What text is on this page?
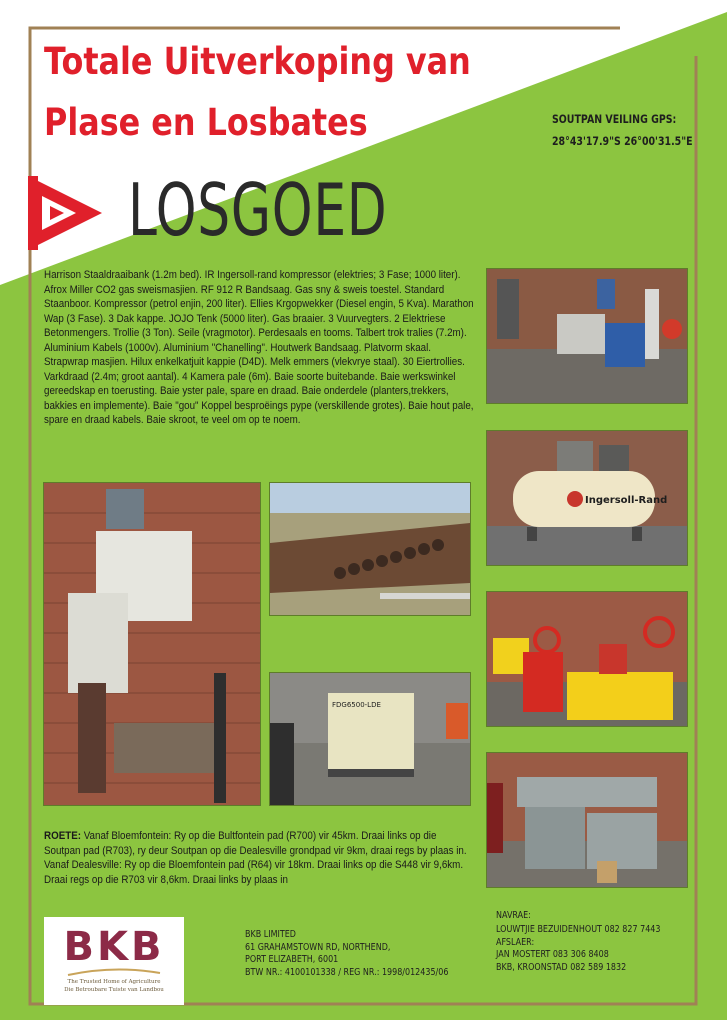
Totale Uitverkoping van
Plase en Losbates	SOUTPAN VEILING GPS:
28°43'17.9"S 26°00'31.5"E
LOSGOED
Harrison Staaldraaibank (1.2m bed). IR Ingersoll-rand kompressor (elektries; 3 Fase; 1000 liter). Afrox Miller CO2 gas sweismasjien. RF 912 R Bandsaag. Gas sny & sweis toestel. Standard Staanboor. Kompressor (petrol enjin, 200 liter). Ellies Krgopwekker (Diesel engin, 5 Kva). Marathon Wap (3 Fase). 3 Dak kappe. JOJO Tenk (5000 liter). Gas braaier. 3 Vuurvegters. 2 Elektriese Betonmengers. Trollie (3 Ton). Seile (vragmotor). Perdesaals en tooms. Talbert trok tralies (7.2m). Aluminium Kabels (1000v). Aluminium "Chanelling". Houtwerk Bandsaag. Platvorm skaal. Strapwrap masjien. Hilux enkelkatjuit kappie (D4D). Melk emmers (vlekvrye staal). 30 Eiertrollies. Varkdraad (2.4m; groot aantal). 4 Kamera pale (6m). Baie soorte buitebande. Baie werkswinkel gereedskap en toerusting. Baie yster pale, spare en draad. Baie onderdele (planters,trekkers, bakkies en implemente). Baie "gou" Koppel besproëings pype (verskillende grotes). Baie hout pale, spare en draad kabels. Baie skroot, te veel om op te noem.
Ingersoll-Rand
FDG6500-LDE
ROETE: Vanaf Bloemfontein: Ry op die Bultfontein pad (R700) vir 45km. Draai links op die Soutpan pad (R703), ry deur Soutpan op die Dealesville grondpad vir 9km, draai regs by plaas in. Vanaf Dealesville: Ry op die Bloemfontein pad (R64) vir 18km. Draai links op die S448 vir 9,6km. Draai regs op die R703 vir 8,6km. Draai links by plaas in
BKB
The Trusted Home of Agriculture
Die Betroubare Tuiste van Landbou
BKB LIMITED
61 GRAHAMSTOWN RD, NORTHEND,
PORT ELIZABETH, 6001
BTW NR.: 4100101338 / REG NR.: 1998/012435/06
NAVRAE:
LOUWTJIE BEZUIDENHOUT 082 827 7443
AFSLAER:
JAN MOSTERT 083 306 8408
BKB, KROONSTAD 082 589 1832
